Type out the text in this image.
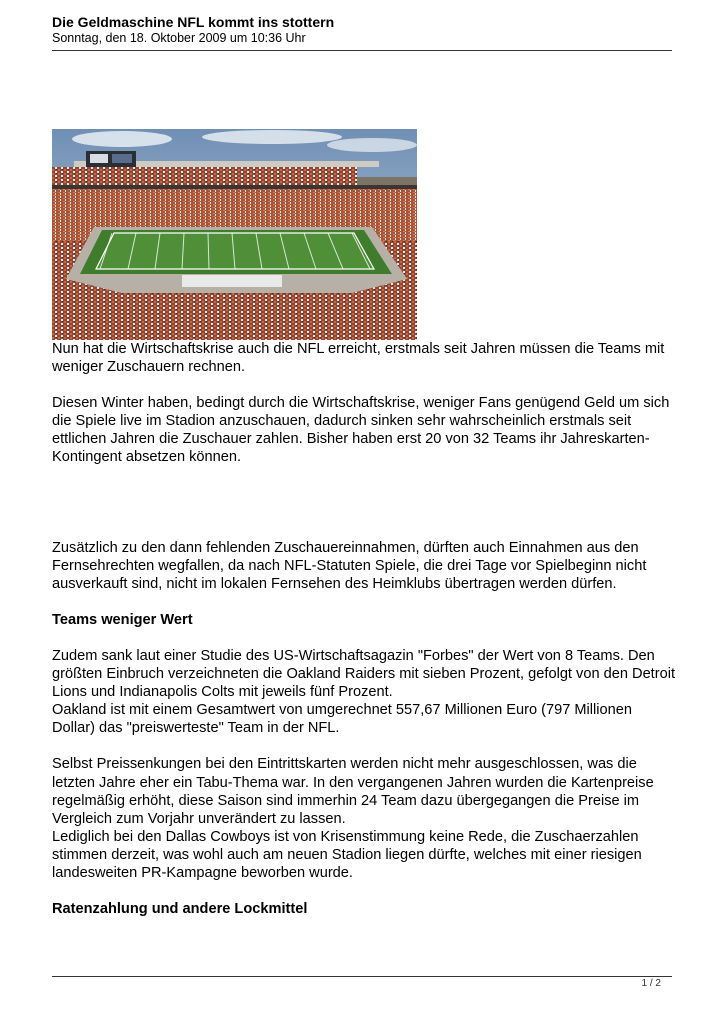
Die Geldmaschine NFL kommt ins stottern
Sonntag, den 18. Oktober 2009 um 10:36 Uhr

Nun hat die Wirtschaftskrise auch die NFL erreicht, erstmals seit Jahren müssen die Teams mit weniger Zuschauern rechnen.

Diesen Winter haben, bedingt durch die Wirtschaftskrise, weniger Fans genügend Geld um sich die Spiele live im Stadion anzuschauen, dadurch sinken sehr wahrscheinlich erstmals seit ettlichen Jahren die Zuschauer zahlen. Bisher haben erst 20 von 32 Teams ihr Jahreskarten-Kontingent absetzen können.

Zusätzlich zu den dann fehlenden Zuschauereinnahmen, dürften auch Einnahmen aus den Fernsehrechten wegfallen, da nach NFL-Statuten Spiele, die drei Tage vor Spielbeginn nicht ausverkauft sind, nicht im lokalen Fernsehen des Heimklubs übertragen werden dürfen.

Teams weniger Wert

Zudem sank laut einer Studie des US-Wirtschaftsagazin "Forbes" der Wert von 8 Teams. Den größten Einbruch verzeichneten die Oakland Raiders mit sieben Prozent, gefolgt von den Detroit Lions und Indianapolis Colts mit jeweils fünf Prozent.

Oakland ist mit einem Gesamtwert von umgerechnet 557,67 Millionen Euro (797 Millionen Dollar) das "preiswerteste" Team in der NFL.

Selbst Preissenkungen bei den Eintrittskarten werden nicht mehr ausgeschlossen, was die letzten Jahre eher ein Tabu-Thema war. In den vergangenen Jahren wurden die Kartenpreise regelmäßig erhöht, diese Saison sind immerhin 24 Team dazu übergegangen die Preise im Vergleich zum Vorjahr unverändert zu lassen.

Lediglich bei den Dallas Cowboys ist von Krisenstimmung keine Rede, die Zuschaerzahlen stimmen derzeit, was wohl auch am neuen Stadion liegen dürfte, welches mit einer riesigen landesweiten PR-Kampagne beworben wurde.

Ratenzahlung und andere Lockmittel

1 / 2
